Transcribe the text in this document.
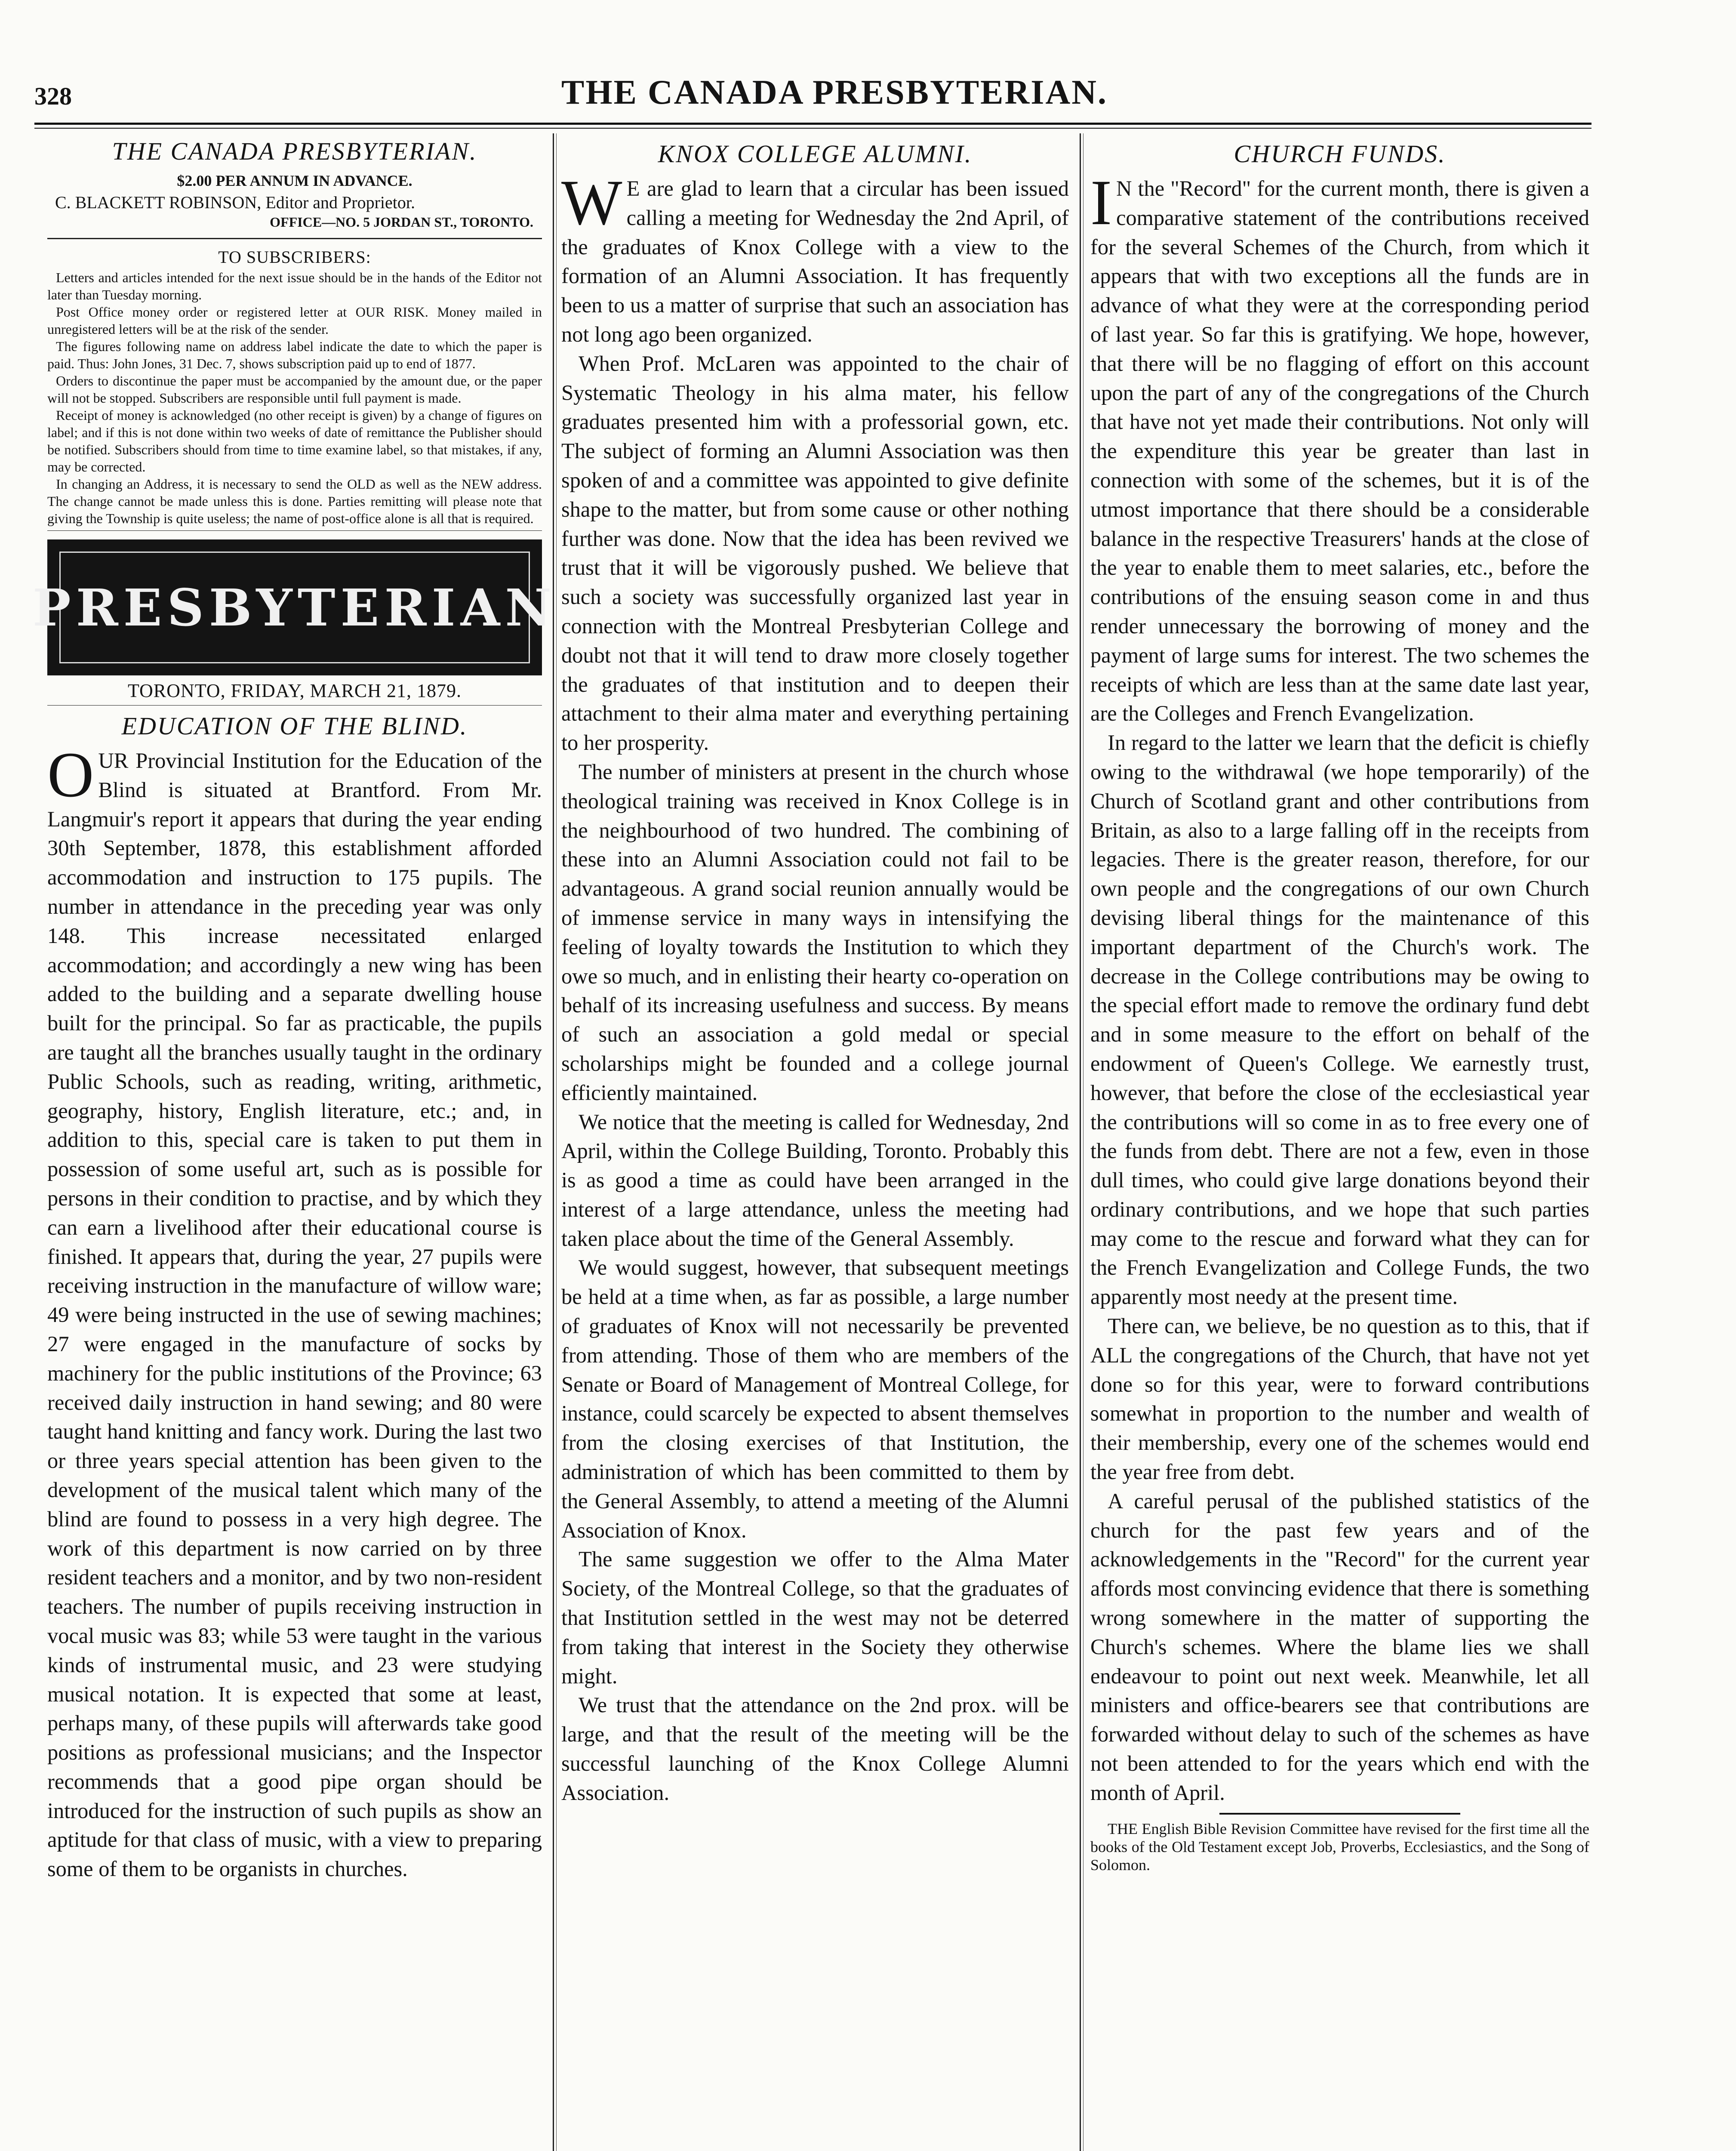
328	THE CANADA PRESBYTERIAN.
THE CANADA PRESBYTERIAN.
$2.00 PER ANNUM IN ADVANCE.
C. BLACKETT ROBINSON, Editor and Proprietor.
OFFICE—NO. 5 JORDAN ST., TORONTO.
TO SUBSCRIBERS:

Letters and articles intended for the next issue should be in the hands of the Editor not later than Tuesday morning.

Post Office money order or registered letter at OUR RISK. Money mailed in unregistered letters will be at the risk of the sender.

The figures following name on address label indicate the date to which the paper is paid. Thus: John Jones, 31 Dec. 7, shows subscription paid up to end of 1877.

Orders to discontinue the paper must be accompanied by the amount due, or the paper will not be stopped. Subscribers are responsible until full payment is made.

Receipt of money is acknowledged (no other receipt is given) by a change of figures on label; and if this is not done within two weeks of date of remittance the Publisher should be notified. Subscribers should from time to time examine label, so that mistakes, if any, may be corrected.

In changing an Address, it is necessary to send the OLD as well as the NEW address. The change cannot be made unless this is done. Parties remitting will please note that giving the Township is quite useless; the name of post-office alone is all that is required.

PRESBYTERIAN
TORONTO, FRIDAY, MARCH 21, 1879.
EDUCATION OF THE BLIND.

OUR Provincial Institution for the Education of the Blind is situated at Brantford. From Mr. Langmuir's report it appears that during the year ending 30th September, 1878, this establishment afforded accommodation and instruction to 175 pupils. The number in attendance in the preceding year was only 148. This increase necessitated enlarged accommodation; and accordingly a new wing has been added to the building and a separate dwelling house built for the principal. So far as practicable, the pupils are taught all the branches usually taught in the ordinary Public Schools, such as reading, writing, arithmetic, geography, history, English literature, etc.; and, in addition to this, special care is taken to put them in possession of some useful art, such as is possible for persons in their condition to practise, and by which they can earn a livelihood after their educational course is finished. It appears that, during the year, 27 pupils were receiving instruction in the manufacture of willow ware; 49 were being instructed in the use of sewing machines; 27 were engaged in the manufacture of socks by machinery for the public institutions of the Province; 63 received daily instruction in hand sewing; and 80 were taught hand knitting and fancy work. During the last two or three years special attention has been given to the development of the musical talent which many of the blind are found to possess in a very high degree. The work of this department is now carried on by three resident teachers and a monitor, and by two non-resident teachers. The number of pupils receiving instruction in vocal music was 83; while 53 were taught in the various kinds of instrumental music, and 23 were studying musical notation. It is expected that some at least, perhaps many, of these pupils will afterwards take good positions as professional musicians; and the Inspector recommends that a good pipe organ should be introduced for the instruction of such pupils as show an aptitude for that class of music, with a view to preparing some of them to be organists in churches.

KNOX COLLEGE ALUMNI.

WE are glad to learn that a circular has been issued calling a meeting for Wednesday the 2nd April, of the graduates of Knox College with a view to the formation of an Alumni Association. It has frequently been to us a matter of surprise that such an association has not long ago been organized.

When Prof. McLaren was appointed to the chair of Systematic Theology in his alma mater, his fellow graduates presented him with a professorial gown, etc. The subject of forming an Alumni Association was then spoken of and a committee was appointed to give definite shape to the matter, but from some cause or other nothing further was done. Now that the idea has been revived we trust that it will be vigorously pushed. We believe that such a society was successfully organized last year in connection with the Montreal Presbyterian College and doubt not that it will tend to draw more closely together the graduates of that institution and to deepen their attachment to their alma mater and everything pertaining to her prosperity.

The number of ministers at present in the church whose theological training was received in Knox College is in the neighbourhood of two hundred. The combining of these into an Alumni Association could not fail to be advantageous. A grand social reunion annually would be of immense service in many ways in intensifying the feeling of loyalty towards the Institution to which they owe so much, and in enlisting their hearty co-operation on behalf of its increasing usefulness and success. By means of such an association a gold medal or special scholarships might be founded and a college journal efficiently maintained.

We notice that the meeting is called for Wednesday, 2nd April, within the College Building, Toronto. Probably this is as good a time as could have been arranged in the interest of a large attendance, unless the meeting had taken place about the time of the General Assembly.

We would suggest, however, that subsequent meetings be held at a time when, as far as possible, a large number of graduates of Knox will not necessarily be prevented from attending. Those of them who are members of the Senate or Board of Management of Montreal College, for instance, could scarcely be expected to absent themselves from the closing exercises of that Institution, the administration of which has been committed to them by the General Assembly, to attend a meeting of the Alumni Association of Knox.

The same suggestion we offer to the Alma Mater Society, of the Montreal College, so that the graduates of that Institution settled in the west may not be deterred from taking that interest in the Society they otherwise might.

We trust that the attendance on the 2nd prox. will be large, and that the result of the meeting will be the successful launching of the Knox College Alumni Association.

CHURCH FUNDS.

IN the "Record" for the current month, there is given a comparative statement of the contributions received for the several Schemes of the Church, from which it appears that with two exceptions all the funds are in advance of what they were at the corresponding period of last year. So far this is gratifying. We hope, however, that there will be no flagging of effort on this account upon the part of any of the congregations of the Church that have not yet made their contributions. Not only will the expenditure this year be greater than last in connection with some of the schemes, but it is of the utmost importance that there should be a considerable balance in the respective Treasurers' hands at the close of the year to enable them to meet salaries, etc., before the contributions of the ensuing season come in and thus render unnecessary the borrowing of money and the payment of large sums for interest. The two schemes the receipts of which are less than at the same date last year, are the Colleges and French Evangelization.

In regard to the latter we learn that the deficit is chiefly owing to the withdrawal (we hope temporarily) of the Church of Scotland grant and other contributions from Britain, as also to a large falling off in the receipts from legacies. There is the greater reason, therefore, for our own people and the congregations of our own Church devising liberal things for the maintenance of this important department of the Church's work. The decrease in the College contributions may be owing to the special effort made to remove the ordinary fund debt and in some measure to the effort on behalf of the endowment of Queen's College. We earnestly trust, however, that before the close of the ecclesiastical year the contributions will so come in as to free every one of the funds from debt. There are not a few, even in those dull times, who could give large donations beyond their ordinary contributions, and we hope that such parties may come to the rescue and forward what they can for the French Evangelization and College Funds, the two apparently most needy at the present time.

There can, we believe, be no question as to this, that if ALL the congregations of the Church, that have not yet done so for this year, were to forward contributions somewhat in proportion to the number and wealth of their membership, every one of the schemes would end the year free from debt.

A careful perusal of the published statistics of the church for the past few years and of the acknowledgements in the "Record" for the current year affords most convincing evidence that there is something wrong somewhere in the matter of supporting the Church's schemes. Where the blame lies we shall endeavour to point out next week. Meanwhile, let all ministers and office-bearers see that contributions are forwarded without delay to such of the schemes as have not been attended to for the years which end with the month of April.

THE English Bible Revision Committee have revised for the first time all the books of the Old Testament except Job, Proverbs, Ecclesiastics, and the Song of Solomon.
